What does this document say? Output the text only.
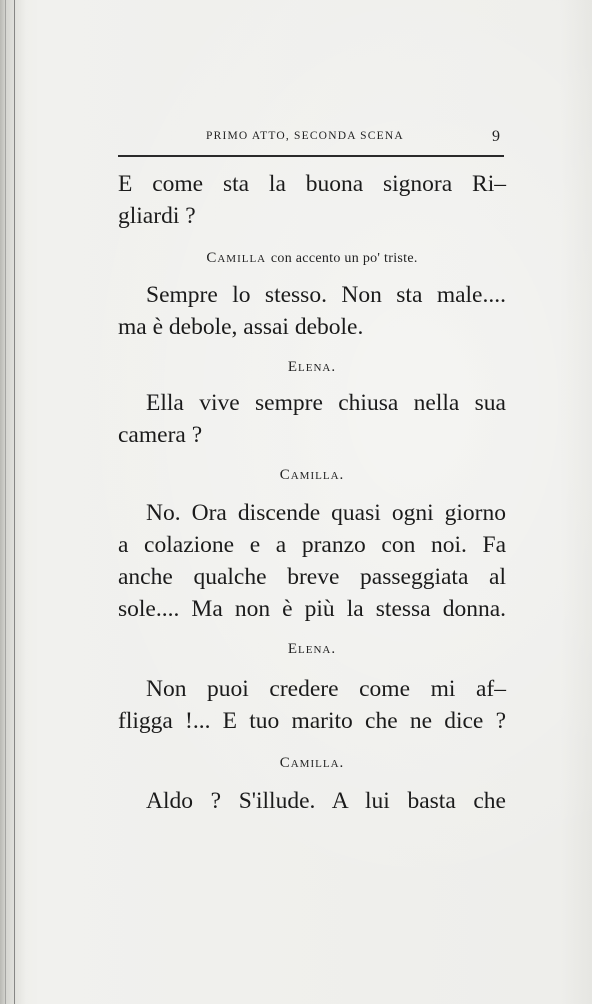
PRIMO ATTO, SECONDA SCENA	9

E come sta la buona signora Ri–

gliardi ?

Camilla con accento un po' triste.

Sempre lo stesso. Non sta male....

ma è debole, assai debole.

Elena.

Ella vive sempre chiusa nella sua

camera ?

Camilla.

No. Ora discende quasi ogni giorno

a colazione e a pranzo con noi. Fa

anche qualche breve passeggiata al

sole.... Ma non è più la stessa donna.

Elena.

Non puoi credere come mi af–

fligga !... E tuo marito che ne dice ?

Camilla.

Aldo ? S'illude. A lui basta che
